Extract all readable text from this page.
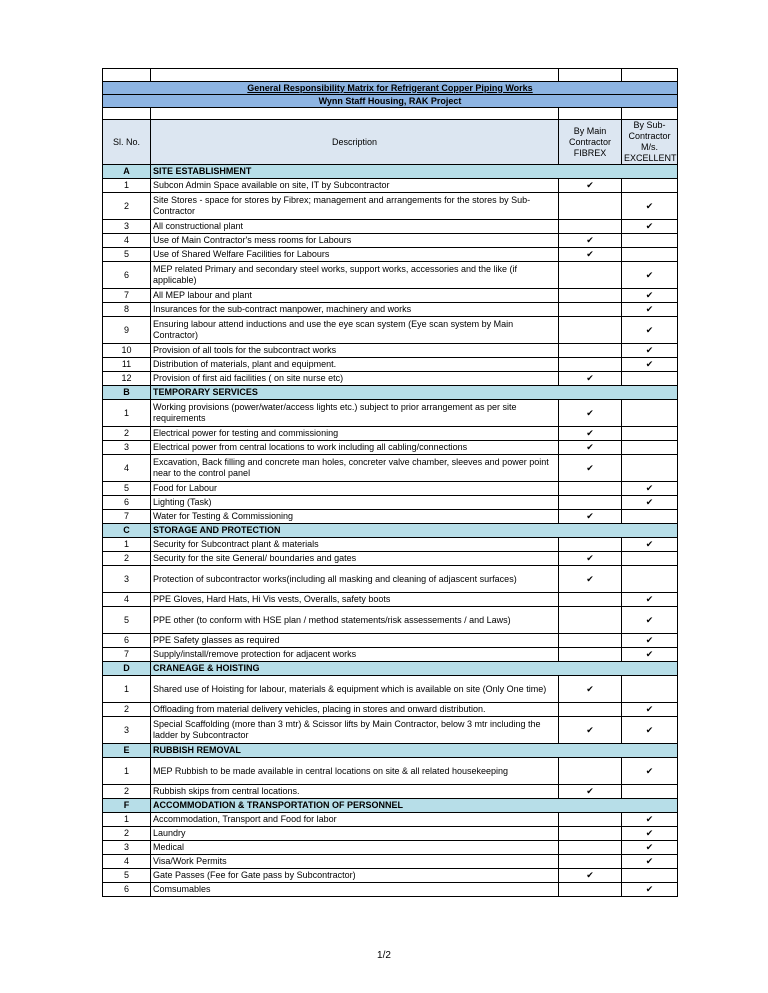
General Responsibility Matrix for Refrigerant Copper Piping Works			
Wynn Staff Housing, RAK Project			

Sl. No.	Description	By Main Contractor FIBREX	By Sub-Contractor M/s. EXCELLENT
A	SITE ESTABLISHMENT		
1	Subcon Admin Space available on site, IT by Subcontractor	✔	
2	Site Stores - space for stores by Fibrex; management and arrangements for the stores by Sub-Contractor		✔
3	All constructional plant		✔
4	Use of Main Contractor's mess rooms for Labours	✔	
5	Use of Shared Welfare Facilities for Labours	✔	
6	MEP related Primary and secondary steel works, support works, accessories and the like (if applicable)		✔
7	All MEP labour and plant		✔
8	Insurances for the sub-contract manpower, machinery and works		✔
9	Ensuring labour attend inductions and use the eye scan system (Eye scan system by Main Contractor)		✔
10	Provision of all tools for the subcontract works		✔
11	Distribution of materials, plant and equipment.		✔
12	Provision of first aid facilities ( on site nurse etc)	✔	
B	TEMPORARY SERVICES		
1	Working provisions (power/water/access lights etc.) subject to prior arrangement as per site requirements	✔	
2	Electrical power for testing and commissioning	✔	
3	Electrical power from central locations to work including all cabling/connections	✔	
4	Excavation, Back filling and concrete man holes, concreter valve chamber, sleeves and power point near to the control panel	✔	
5	Food for Labour		✔
6	Lighting (Task)		✔
7	Water for Testing & Commissioning	✔	
C	STORAGE AND PROTECTION		
1	Security for Subcontract plant & materials		✔
2	Security for the site General/ boundaries and gates	✔	
3	Protection of subcontractor works(including all masking and cleaning of adjascent surfaces)	✔	
4	PPE Gloves, Hard Hats, Hi Vis vests, Overalls, safety boots		✔
5	PPE other (to conform with HSE plan / method statements/risk assessements / and Laws)		✔
6	PPE Safety glasses as required		✔
7	Supply/install/remove protection for adjacent works		✔
D	CRANEAGE & HOISTING		
1	Shared use of Hoisting for labour, materials & equipment which is available on site (Only One time)	✔	
2	Offloading from material delivery vehicles, placing in stores and onward distribution.		✔
3	Special Scaffolding (more than 3 mtr) & Scissor lifts by Main Contractor, below 3 mtr including the ladder by Subcontractor	✔	✔
E	RUBBISH REMOVAL		
1	MEP Rubbish to be made available in central locations on site & all related housekeeping		✔
2	Rubbish skips from central locations.	✔	
F	ACCOMMODATION & TRANSPORTATION OF PERSONNEL		
1	Accommodation, Transport and Food for labor		✔
2	Laundry		✔
3	Medical		✔
4	Visa/Work Permits		✔
5	Gate Passes (Fee for Gate pass by Subcontractor)	✔	
6	Comsumables		✔
1/2
